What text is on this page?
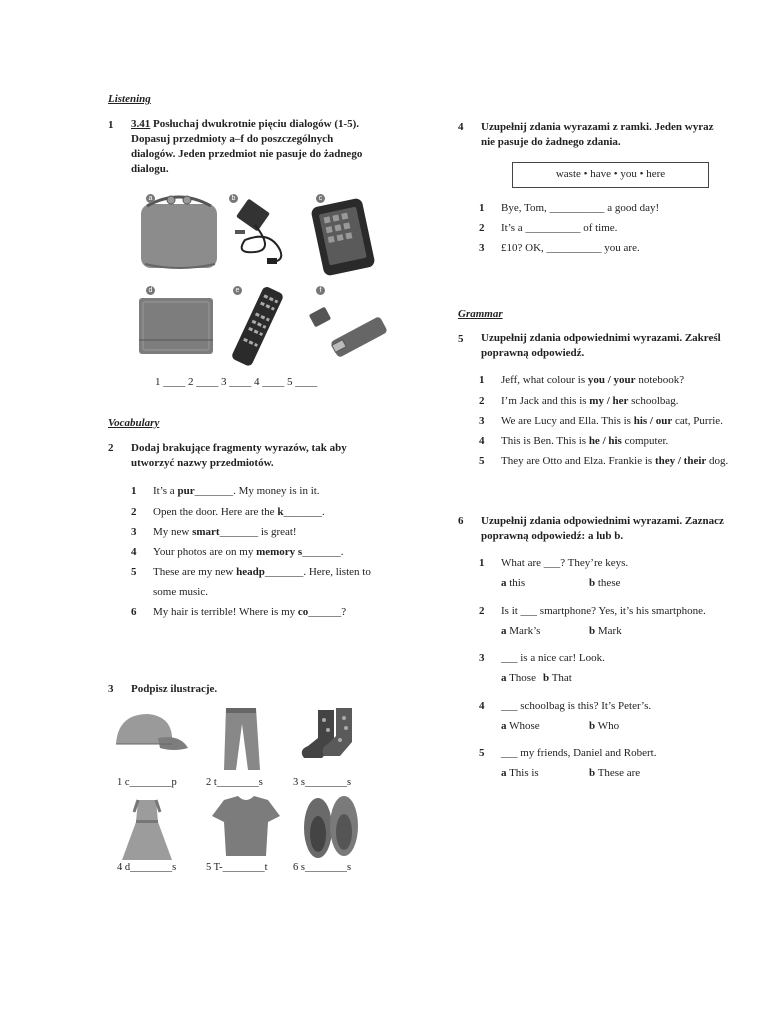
Listening
1 3.41 Posłuchaj dwukrotnie pięciu dialogów (1-5).
Dopasuj przedmioty a–f do poszczególnych
dialogów. Jeden przedmiot nie pasuje do żadnego
dialogu.
a	b	c
d	e	f
1 ____ 2 ____ 3 ____ 4 ____ 5 ____
Vocabulary
2 Dodaj brakujące fragmenty wyrazów, tak aby
utworzyć nazwy przedmiotów.
1 It’s a pur_______. My money is in it.
2 Open the door. Here are the k_______.
3 My new smart_______ is great!
4 Your photos are on my memory s_______.
5 These are my new headp_______. Here, listen to
some music.
6 My hair is terrible! Where is my co______?
3 Podpisz ilustracje.
1 c________p	2 t________s	3 s________s
4 d________s	5 T-________t 6 s________s
4 Uzupełnij zdania wyrazami z ramki. Jeden wyraz
nie pasuje do żadnego zdania.
waste • have • you • here
1 Bye, Tom, __________ a good day!
2 It’s a __________ of time.
3 £10? OK, __________ you are.
Grammar
5 Uzupełnij zdania odpowiednimi wyrazami. Zakreśl
poprawną odpowiedź.
1 Jeff, what colour is you / your notebook?
2 I’m Jack and this is my / her schoolbag.
3 We are Lucy and Ella. This is his / our cat, Purrie.
4 This is Ben. This is he / his computer.
5 They are Otto and Elza. Frankie is they / their dog.
6 Uzupełnij zdania odpowiednimi wyrazami. Zaznacz
poprawną odpowiedź: a lub b.
1 What are ___? They’re keys.
a this	b these
2 Is it ___ smartphone? Yes, it’s his smartphone.
a Mark’s	b Mark
3 ___ is a nice car! Look.
a Those b That
4 ___ schoolbag is this? It’s Peter’s.
a Whose	b Who
5 ___ my friends, Daniel and Robert.
a This is	b These are
